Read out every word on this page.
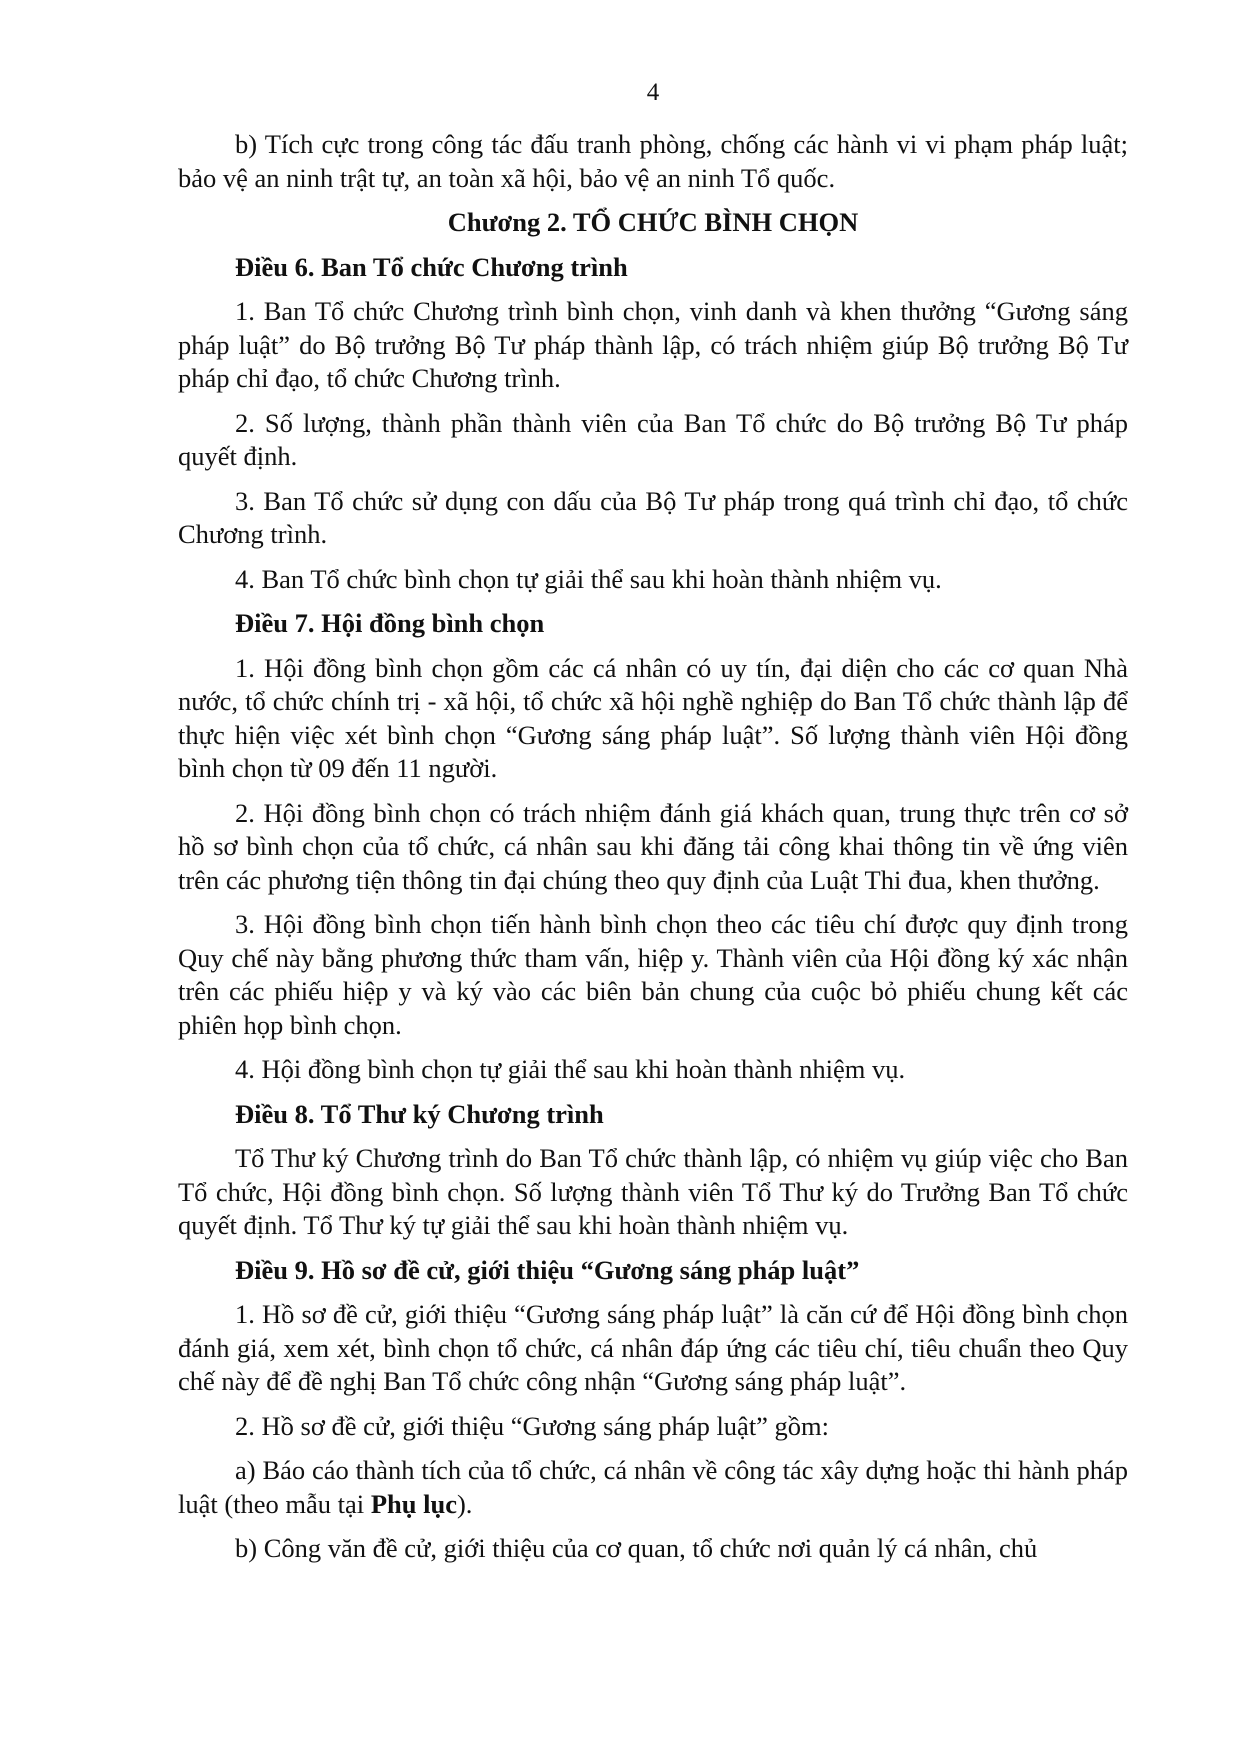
4

b) Tích cực trong công tác đấu tranh phòng, chống các hành vi vi phạm pháp luật; bảo vệ an ninh trật tự, an toàn xã hội, bảo vệ an ninh Tổ quốc.

Chương 2. TỔ CHỨC BÌNH CHỌN

Điều 6. Ban Tổ chức Chương trình

1. Ban Tổ chức Chương trình bình chọn, vinh danh và khen thưởng “Gương sáng pháp luật” do Bộ trưởng Bộ Tư pháp thành lập, có trách nhiệm giúp Bộ trưởng Bộ Tư pháp chỉ đạo, tổ chức Chương trình.

2. Số lượng, thành phần thành viên của Ban Tổ chức do Bộ trưởng Bộ Tư pháp quyết định.

3. Ban Tổ chức sử dụng con dấu của Bộ Tư pháp trong quá trình chỉ đạo, tổ chức Chương trình.

4. Ban Tổ chức bình chọn tự giải thể sau khi hoàn thành nhiệm vụ.

Điều 7. Hội đồng bình chọn

1. Hội đồng bình chọn gồm các cá nhân có uy tín, đại diện cho các cơ quan Nhà nước, tổ chức chính trị - xã hội, tổ chức xã hội nghề nghiệp do Ban Tổ chức thành lập để thực hiện việc xét bình chọn “Gương sáng pháp luật”. Số lượng thành viên Hội đồng bình chọn từ 09 đến 11 người.

2. Hội đồng bình chọn có trách nhiệm đánh giá khách quan, trung thực trên cơ sở hồ sơ bình chọn của tổ chức, cá nhân sau khi đăng tải công khai thông tin về ứng viên trên các phương tiện thông tin đại chúng theo quy định của Luật Thi đua, khen thưởng.

3. Hội đồng bình chọn tiến hành bình chọn theo các tiêu chí được quy định trong Quy chế này bằng phương thức tham vấn, hiệp y. Thành viên của Hội đồng ký xác nhận trên các phiếu hiệp y và ký vào các biên bản chung của cuộc bỏ phiếu chung kết các phiên họp bình chọn.

4. Hội đồng bình chọn tự giải thể sau khi hoàn thành nhiệm vụ.

Điều 8. Tổ Thư ký Chương trình

Tổ Thư ký Chương trình do Ban Tổ chức thành lập, có nhiệm vụ giúp việc cho Ban Tổ chức, Hội đồng bình chọn. Số lượng thành viên Tổ Thư ký do Trưởng Ban Tổ chức quyết định. Tổ Thư ký tự giải thể sau khi hoàn thành nhiệm vụ.

Điều 9. Hồ sơ đề cử, giới thiệu “Gương sáng pháp luật”

1. Hồ sơ đề cử, giới thiệu “Gương sáng pháp luật” là căn cứ để Hội đồng bình chọn đánh giá, xem xét, bình chọn tổ chức, cá nhân đáp ứng các tiêu chí, tiêu chuẩn theo Quy chế này để đề nghị Ban Tổ chức công nhận “Gương sáng pháp luật”.

2. Hồ sơ đề cử, giới thiệu “Gương sáng pháp luật” gồm:

a) Báo cáo thành tích của tổ chức, cá nhân về công tác xây dựng hoặc thi hành pháp luật (theo mẫu tại Phụ lục).

b) Công văn đề cử, giới thiệu của cơ quan, tổ chức nơi quản lý cá nhân, chủ
